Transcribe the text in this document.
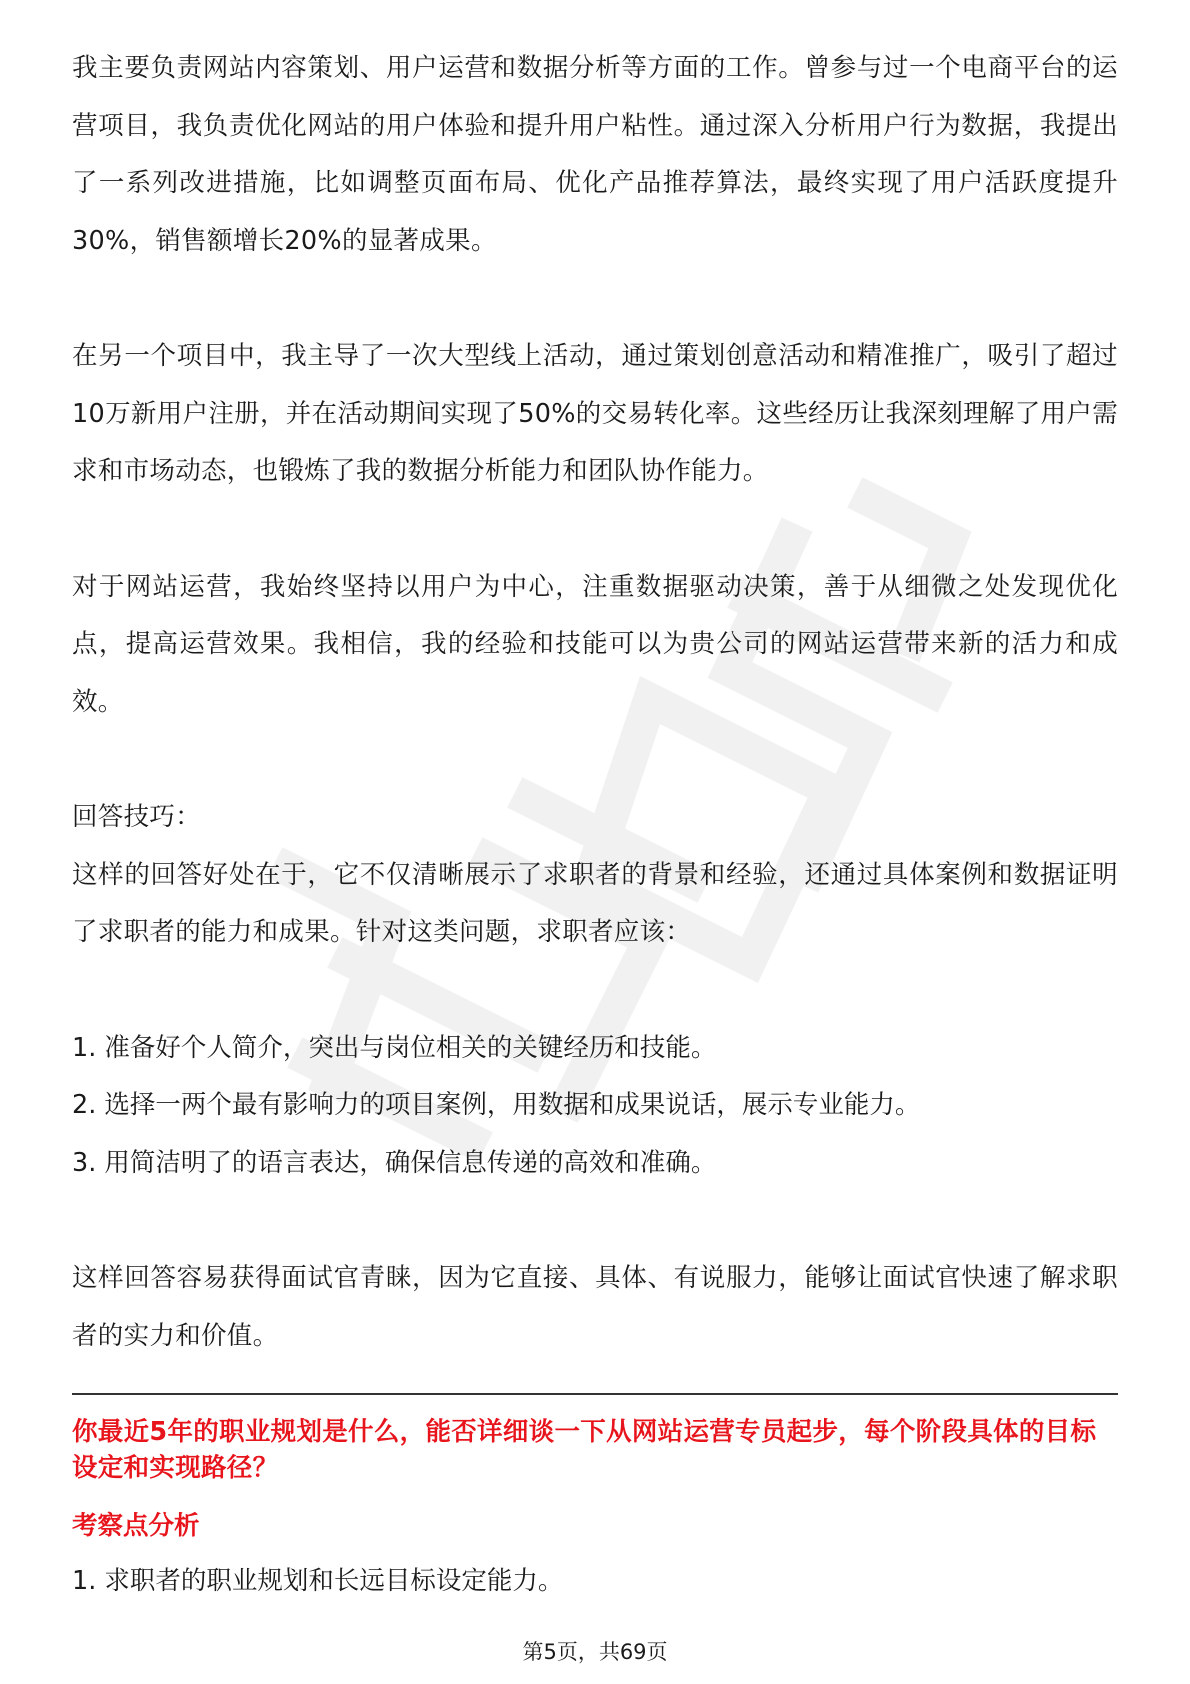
我主要负责网站内容策划、用户运营和数据分析等方面的工作。曾参与过一个电商平台的运营项目，我负责优化网站的用户体验和提升用户粘性。通过深入分析用户行为数据，我提出了一系列改进措施，比如调整页面布局、优化产品推荐算法，最终实现了用户活跃度提升30%，销售额增长20%的显著成果。

在另一个项目中，我主导了一次大型线上活动，通过策划创意活动和精准推广，吸引了超过10万新用户注册，并在活动期间实现了50%的交易转化率。这些经历让我深刻理解了用户需求和市场动态，也锻炼了我的数据分析能力和团队协作能力。

对于网站运营，我始终坚持以用户为中心，注重数据驱动决策，善于从细微之处发现优化点，提高运营效果。我相信，我的经验和技能可以为贵公司的网站运营带来新的活力和成效。

回答技巧：

这样的回答好处在于，它不仅清晰展示了求职者的背景和经验，还通过具体案例和数据证明了求职者的能力和成果。针对这类问题，求职者应该：

1. 准备好个人简介，突出与岗位相关的关键经历和技能。

2. 选择一两个最有影响力的项目案例，用数据和成果说话，展示专业能力。

3. 用简洁明了的语言表达，确保信息传递的高效和准确。

这样回答容易获得面试官青睐，因为它直接、具体、有说服力，能够让面试官快速了解求职者的实力和价值。

你最近5年的职业规划是什么，能否详细谈一下从网站运营专员起步，每个阶段具体的目标设定和实现路径？

考察点分析

1. 求职者的职业规划和长远目标设定能力。

第5页，共69页
